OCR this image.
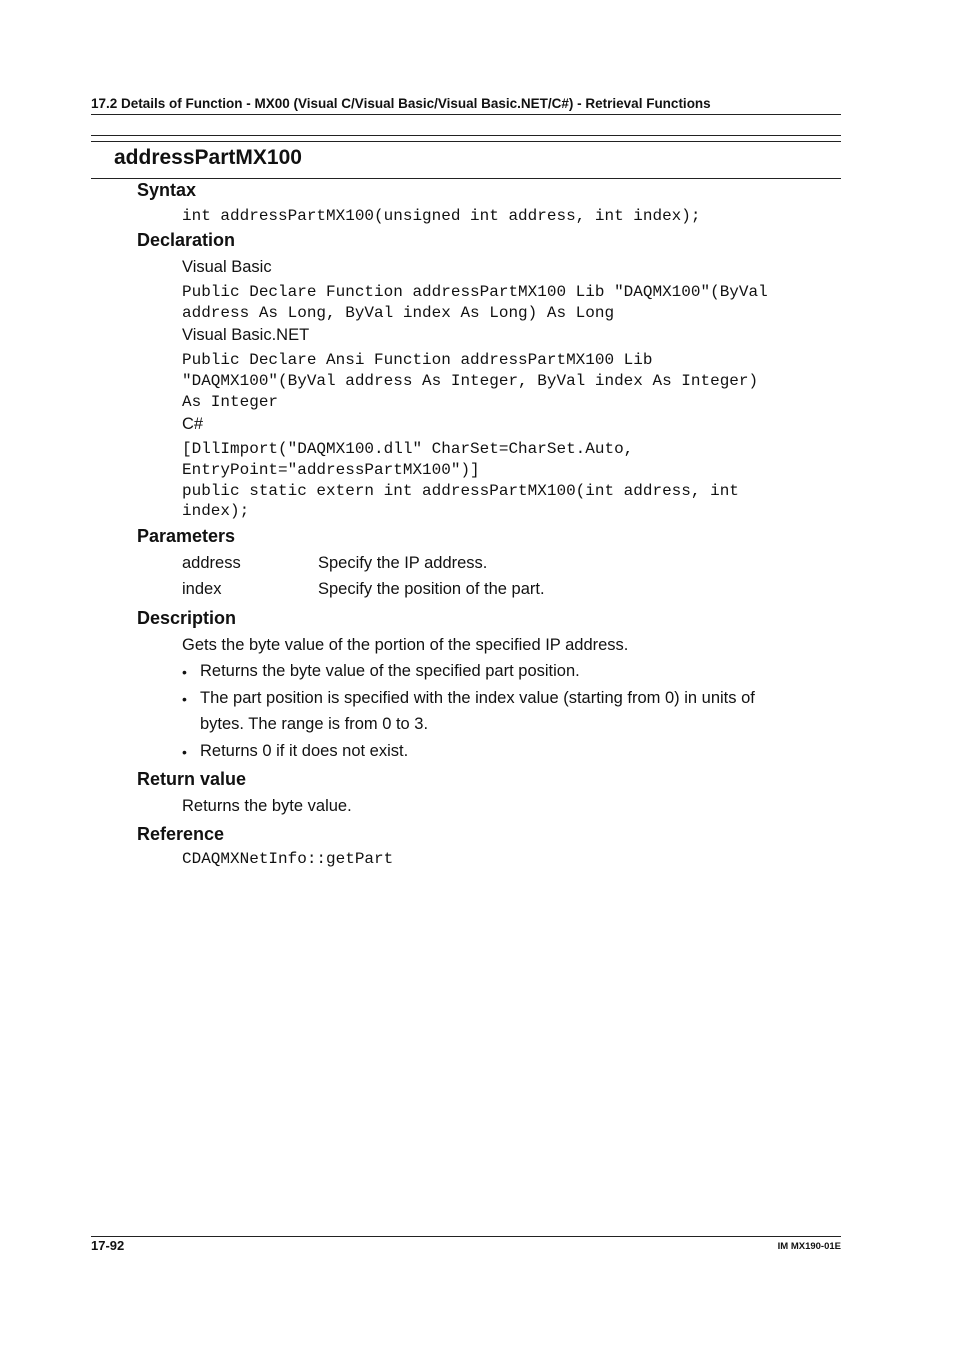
17.2 Details of Function - MX00 (Visual C/Visual Basic/Visual Basic.NET/C#) - Retrieval Functions
addressPartMX100
Syntax
int addressPartMX100(unsigned int address, int index);
Declaration
Visual Basic
Public Declare Function addressPartMX100 Lib "DAQMX100"(ByVal
address As Long, ByVal index As Long) As Long
Visual Basic.NET
Public Declare Ansi Function addressPartMX100 Lib
"DAQMX100"(ByVal address As Integer, ByVal index As Integer)
As Integer
C#
[DllImport("DAQMX100.dll" CharSet=CharSet.Auto,
EntryPoint="addressPartMX100")]
public static extern int addressPartMX100(int address, int
index);
Parameters
address	Specify the IP address.
index	Specify the position of the part.
Description
Gets the byte value of the portion of the specified IP address.
• Returns the byte value of the specified part position.
• The part position is specified with the index value (starting from 0) in units of
bytes. The range is from 0 to 3.
• Returns 0 if it does not exist.
Return value
Returns the byte value.
Reference
CDAQMXNetInfo::getPart
17-92	IM MX190-01E
